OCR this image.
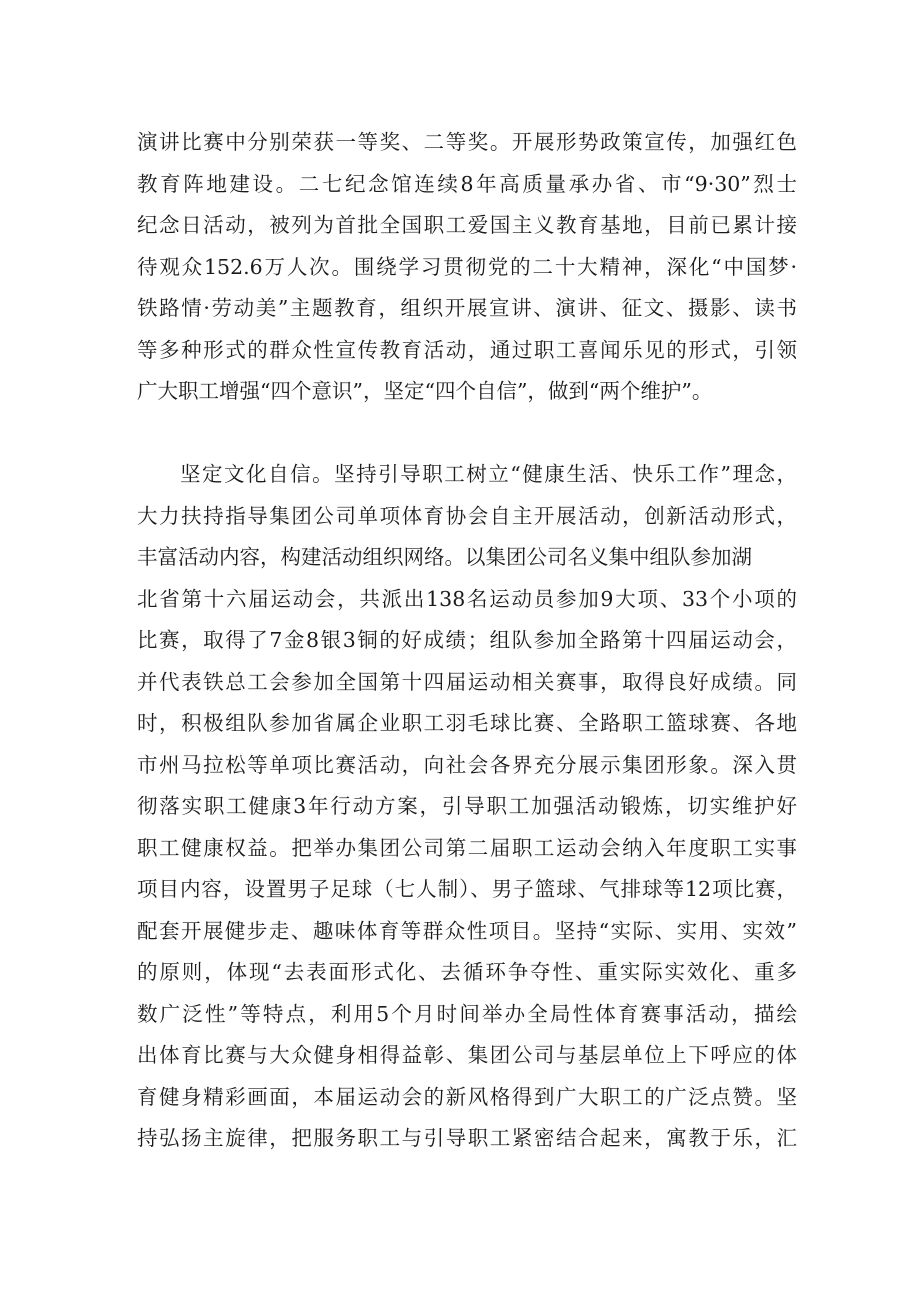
演讲比赛中分别荣获一等奖、二等奖。开展形势政策宣传，加强红色
教育阵地建设。二七纪念馆连续8年高质量承办省、市“9·30”烈士
纪念日活动，被列为首批全国职工爱国主义教育基地，目前已累计接
待观众152.6万人次。围绕学习贯彻党的二十大精神，深化“中国梦·
铁路情·劳动美”主题教育，组织开展宣讲、演讲、征文、摄影、读书
等多种形式的群众性宣传教育活动，通过职工喜闻乐见的形式，引领
广大职工增强“四个意识”，坚定“四个自信”，做到“两个维护”。
坚定文化自信。坚持引导职工树立“健康生活、快乐工作”理念，
大力扶持指导集团公司单项体育协会自主开展活动，创新活动形式，
丰富活动内容，构建活动组织网络。以集团公司名义集中组队参加湖
北省第十六届运动会，共派出138名运动员参加9大项、33个小项的
比赛，取得了7金8银3铜的好成绩；组队参加全路第十四届运动会，
并代表铁总工会参加全国第十四届运动相关赛事，取得良好成绩。同
时，积极组队参加省属企业职工羽毛球比赛、全路职工篮球赛、各地
市州马拉松等单项比赛活动，向社会各界充分展示集团形象。深入贯
彻落实职工健康3年行动方案，引导职工加强活动锻炼，切实维护好
职工健康权益。把举办集团公司第二届职工运动会纳入年度职工实事
项目内容，设置男子足球（七人制）、男子篮球、气排球等12项比赛，
配套开展健步走、趣味体育等群众性项目。坚持“实际、实用、实效”
的原则，体现“去表面形式化、去循环争夺性、重实际实效化、重多
数广泛性”等特点，利用5个月时间举办全局性体育赛事活动，描绘
出体育比赛与大众健身相得益彰、集团公司与基层单位上下呼应的体
育健身精彩画面，本届运动会的新风格得到广大职工的广泛点赞。坚
持弘扬主旋律，把服务职工与引导职工紧密结合起来，寓教于乐，汇
